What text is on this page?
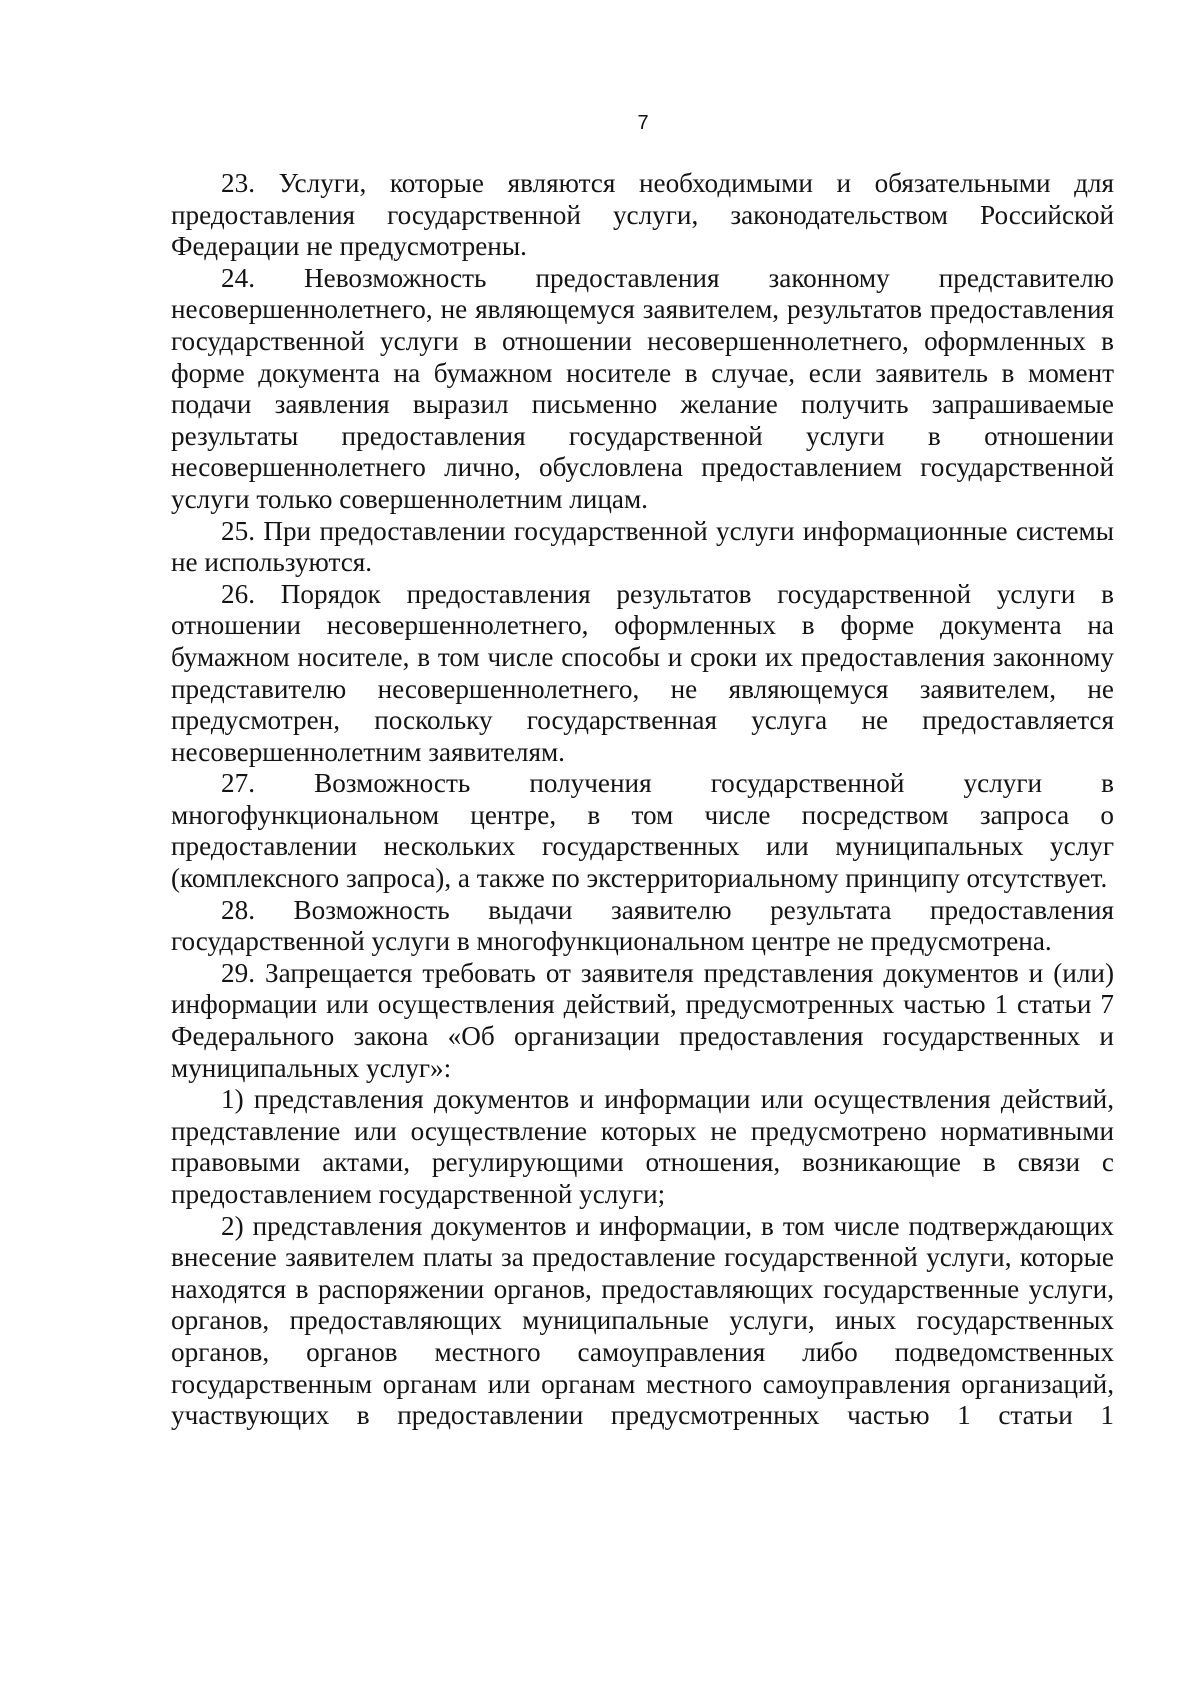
7

23. Услуги, которые являются необходимыми и обязательными для предоставления государственной услуги, законодательством Российской Федерации не предусмотрены.

24. Невозможность предоставления законному представителю несовершеннолетнего, не являющемуся заявителем, результатов предоставления государственной услуги в отношении несовершеннолетнего, оформленных в форме документа на бумажном носителе в случае, если заявитель в момент подачи заявления выразил письменно желание получить запрашиваемые результаты предоставления государственной услуги в отношении несовершеннолетнего лично, обусловлена предоставлением государственной услуги только совершеннолетним лицам.

25. При предоставлении государственной услуги информационные системы не используются.

26. Порядок предоставления результатов государственной услуги в отношении несовершеннолетнего, оформленных в форме документа на бумажном носителе, в том числе способы и сроки их предоставления законному представителю несовершеннолетнего, не являющемуся заявителем, не предусмотрен, поскольку государственная услуга не предоставляется несовершеннолетним заявителям.

27. Возможность получения государственной услуги в многофункциональном центре, в том числе посредством запроса о предоставлении нескольких государственных или муниципальных услуг (комплексного запроса), а также по экстерриториальному принципу отсутствует.

28. Возможность выдачи заявителю результата предоставления государственной услуги в многофункциональном центре не предусмотрена.

29. Запрещается требовать от заявителя представления документов и (или) информации или осуществления действий, предусмотренных частью 1 статьи 7 Федерального закона «Об организации предоставления государственных и муниципальных услуг»:

1) представления документов и информации или осуществления действий, представление или осуществление которых не предусмотрено нормативными правовыми актами, регулирующими отношения, возникающие в связи с предоставлением государственной услуги;

2) представления документов и информации, в том числе подтверждающих внесение заявителем платы за предоставление государственной услуги, которые находятся в распоряжении органов, предоставляющих государственные услуги, органов, предоставляющих муниципальные услуги, иных государственных органов, органов местного самоуправления либо подведомственных государственным органам или органам местного самоуправления организаций, участвующих в предоставлении предусмотренных частью 1 статьи 1
